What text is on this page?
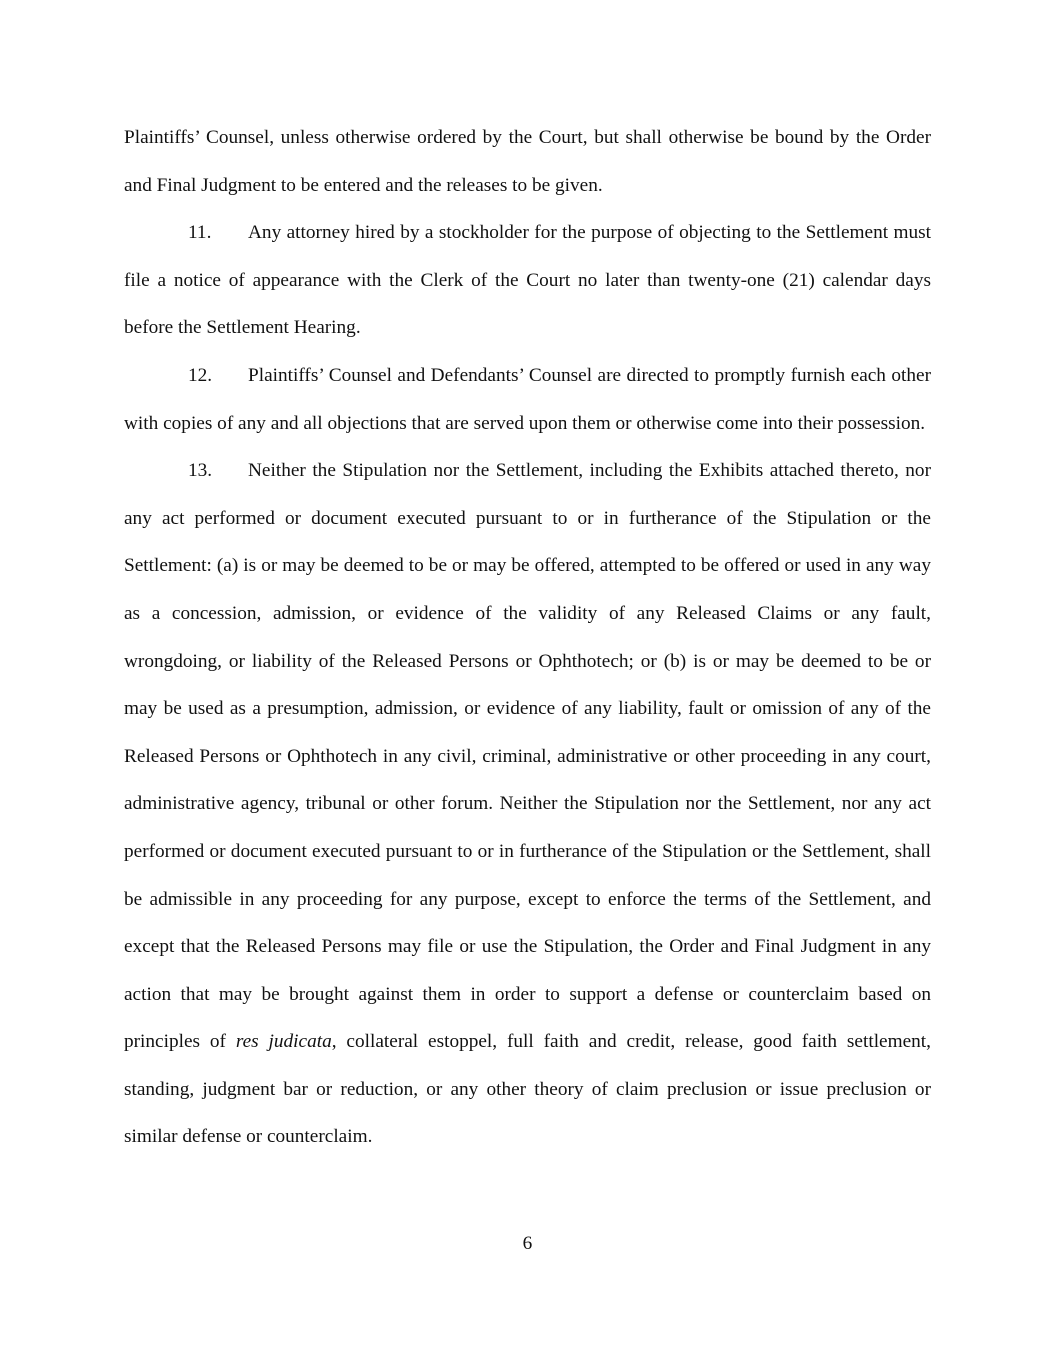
Plaintiffs’ Counsel, unless otherwise ordered by the Court, but shall otherwise be bound by the Order and Final Judgment to be entered and the releases to be given.

11. Any attorney hired by a stockholder for the purpose of objecting to the Settlement must file a notice of appearance with the Clerk of the Court no later than twenty-one (21) calendar days before the Settlement Hearing.

12. Plaintiffs’ Counsel and Defendants’ Counsel are directed to promptly furnish each other with copies of any and all objections that are served upon them or otherwise come into their possession.

13. Neither the Stipulation nor the Settlement, including the Exhibits attached thereto, nor any act performed or document executed pursuant to or in furtherance of the Stipulation or the Settlement: (a) is or may be deemed to be or may be offered, attempted to be offered or used in any way as a concession, admission, or evidence of the validity of any Released Claims or any fault, wrongdoing, or liability of the Released Persons or Ophthotech; or (b) is or may be deemed to be or may be used as a presumption, admission, or evidence of any liability, fault or omission of any of the Released Persons or Ophthotech in any civil, criminal, administrative or other proceeding in any court, administrative agency, tribunal or other forum. Neither the Stipulation nor the Settlement, nor any act performed or document executed pursuant to or in furtherance of the Stipulation or the Settlement, shall be admissible in any proceeding for any purpose, except to enforce the terms of the Settlement, and except that the Released Persons may file or use the Stipulation, the Order and Final Judgment in any action that may be brought against them in order to support a defense or counterclaim based on principles of res judicata, collateral estoppel, full faith and credit, release, good faith settlement, standing, judgment bar or reduction, or any other theory of claim preclusion or issue preclusion or similar defense or counterclaim.

6
